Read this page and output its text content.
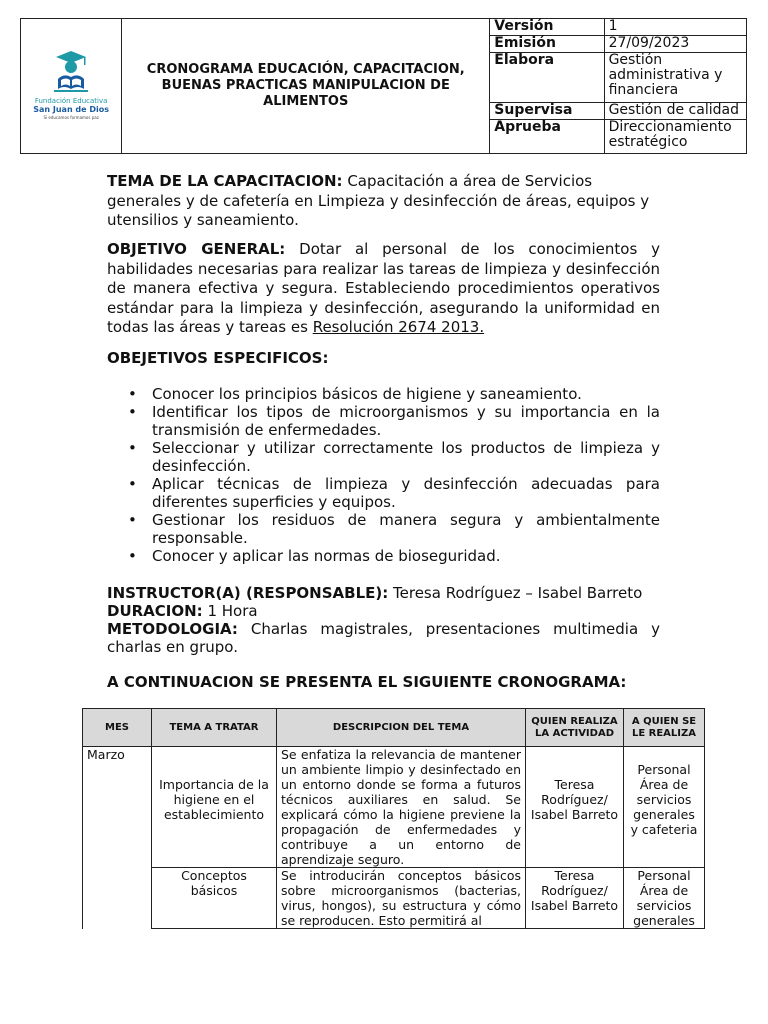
Fundación Educativa
San Juan de Dios
Si educamos formamos paz	CRONOGRAMA EDUCACIÓN, CAPACITACION, BUENAS PRACTICAS MANIPULACION DE ALIMENTOS	Versión	1
		Emisión	27/09/2023
		Elabora	Gestión administrativa y financiera
		Supervisa	Gestión de calidad
		Aprueba	Direccionamiento estratégico

TEMA DE LA CAPACITACION: Capacitación a área de Servicios generales y de cafetería en Limpieza y desinfección de áreas, equipos y utensilios y saneamiento.

OBJETIVO GENERAL: Dotar al personal de los conocimientos y habilidades necesarias para realizar las tareas de limpieza y desinfección de manera efectiva y segura. Estableciendo procedimientos operativos estándar para la limpieza y desinfección, asegurando la uniformidad en todas las áreas y tareas es Resolución 2674 2013.

OBEJETIVOS ESPECIFICOS:
• Conocer los principios básicos de higiene y saneamiento.
• Identificar los tipos de microorganismos y su importancia en la transmisión de enfermedades.
• Seleccionar y utilizar correctamente los productos de limpieza y desinfección.
• Aplicar técnicas de limpieza y desinfección adecuadas para diferentes superficies y equipos.
• Gestionar los residuos de manera segura y ambientalmente responsable.
• Conocer y aplicar las normas de bioseguridad.

INSTRUCTOR(A) (RESPONSABLE): Teresa Rodríguez – Isabel Barreto

DURACION: 1 Hora

METODOLOGIA: Charlas magistrales, presentaciones multimedia y charlas en grupo.

A CONTINUACION SE PRESENTA EL SIGUIENTE CRONOGRAMA:
MES	TEMA A TRATAR	DESCRIPCION DEL TEMA	QUIEN REALIZA LA ACTIVIDAD	A QUIEN SE LE REALIZA
Marzo	Importancia de la higiene en el establecimiento	Se enfatiza la relevancia de mantener un ambiente limpio y desinfectado en un entorno donde se forma a futuros técnicos auxiliares en salud. Se explicará cómo la higiene previene la propagación de enfermedades y contribuye a un entorno de aprendizaje seguro.	Teresa Rodríguez/ Isabel Barreto	Personal Área de servicios generales y cafeteria

	Conceptos básicos	Se introducirán conceptos básicos sobre microorganismos (bacterias, virus, hongos), su estructura y cómo se reproducen. Esto permitirá al	Teresa Rodríguez/ Isabel Barreto	Personal Área de servicios generales
